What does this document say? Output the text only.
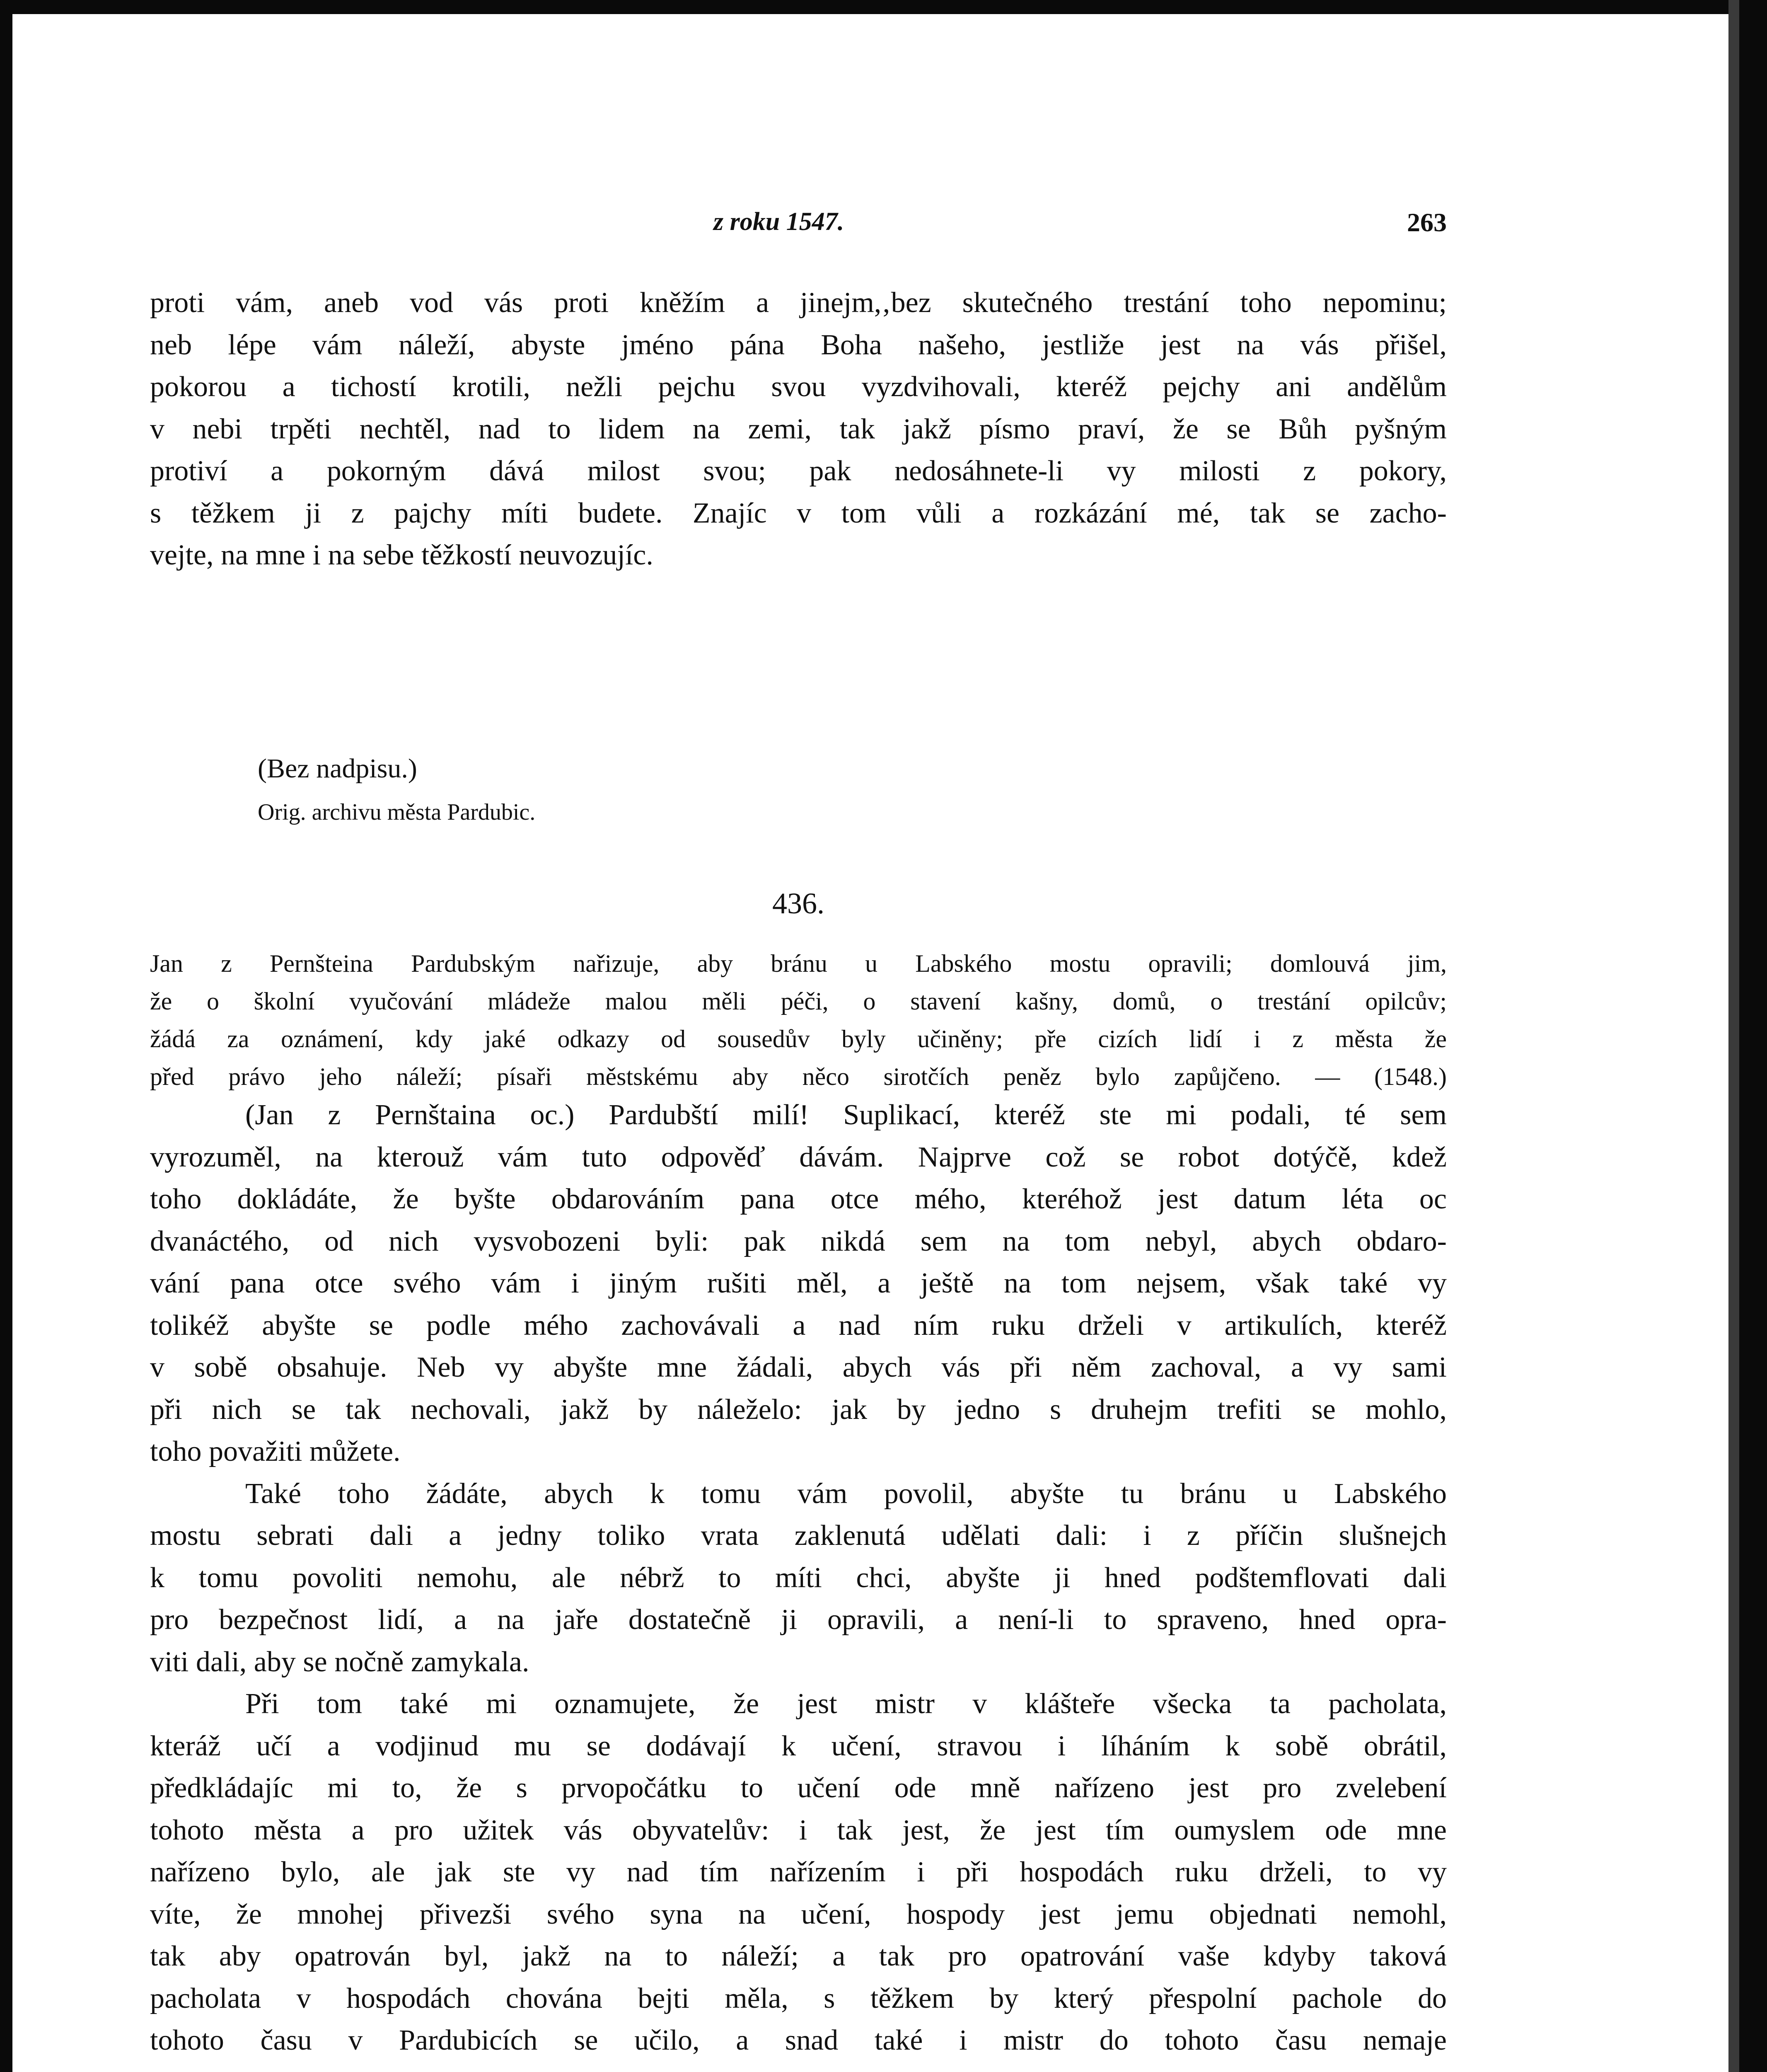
z roku 1547.	263
proti vám, aneb vod vás proti kněžím a jinejm,‚bez skutečného trestání toho nepominu;
neb lépe vám náleží, abyste jméno pána Boha našeho, jestliže jest na vás přišel,
pokorou a tichostí krotili, nežli pejchu svou vyzdvihovali, kteréž pejchy ani andělům
v nebi trpěti nechtěl, nad to lidem na zemi, tak jakž písmo praví, že se Bůh pyšným
protiví a pokorným dává milost svou; pak nedosáhnete-li vy milosti z pokory,
s těžkem ji z pajchy míti budete. Znajíc v tom vůli a rozkázání mé, tak se zacho-
vejte, na mne i na sebe těžkostí neuvozujíc.
(Bez nadpisu.)
Orig. archivu města Pardubic.
436.
Jan z Pernšteina Pardubským nařizuje, aby bránu u Labského mostu opravili; domlouvá jim,
že o školní vyučování mládeže malou měli péči, o stavení kašny, domů, o trestání opilcův;
žádá za oznámení, kdy jaké odkazy od sousedův byly učiněny; pře cizích lidí i z města že
před právo jeho náleží; písaři městskému aby něco sirotčích peněz bylo zapůjčeno. — (1548.)
(Jan z Pernštaina oc.) Pardubští milí! Suplikací, kteréž ste mi podali, té sem
vyrozuměl, na kterouž vám tuto odpověď dávám. Najprve což se robot dotýčě, kdež
toho dokládáte, že byšte obdarováním pana otce mého, kteréhož jest datum léta oc
dvanáctého, od nich vysvobozeni byli: pak nikdá sem na tom nebyl, abych obdaro-
vání pana otce svého vám i jiným rušiti měl, a ještě na tom nejsem, však také vy
tolikéž abyšte se podle mého zachovávali a nad ním ruku drželi v artikulích, kteréž
v sobě obsahuje. Neb vy abyšte mne žádali, abych vás při něm zachoval, a vy sami
při nich se tak nechovali, jakž by náleželo: jak by jedno s druhejm trefiti se mohlo,
toho považiti můžete.
Také toho žádáte, abych k tomu vám povolil, abyšte tu bránu u Labského
mostu sebrati dali a jedny toliko vrata zaklenutá udělati dali: i z příčin slušnejch
k tomu povoliti nemohu, ale nébrž to míti chci, abyšte ji hned podštemflovati dali
pro bezpečnost lidí, a na jaře dostatečně ji opravili, a není-li to spraveno, hned opra-
viti dali, aby se nočně zamykala.
Při tom také mi oznamujete, že jest mistr v klášteře všecka ta pacholata,
kteráž učí a vodjinud mu se dodávají k učení, stravou i líháním k sobě obrátil,
předkládajíc mi to, že s prvopočátku to učení ode mně nařízeno jest pro zvelebení
tohoto města a pro užitek vás obyvatelův: i tak jest, že jest tím oumyslem ode mne
nařízeno bylo, ale jak ste vy nad tím nařízením i při hospodách ruku drželi, to vy
víte, že mnohej přivezši svého syna na učení, hospody jest jemu objednati nemohl,
tak aby opatrován byl, jakž na to náleží; a tak pro opatrování vaše kdyby taková
pacholata v hospodách chována bejti měla, s těžkem by který přespolní pachole do
tohoto času v Pardubicích se učilo, a snad také i mistr do tohoto času nemaje
